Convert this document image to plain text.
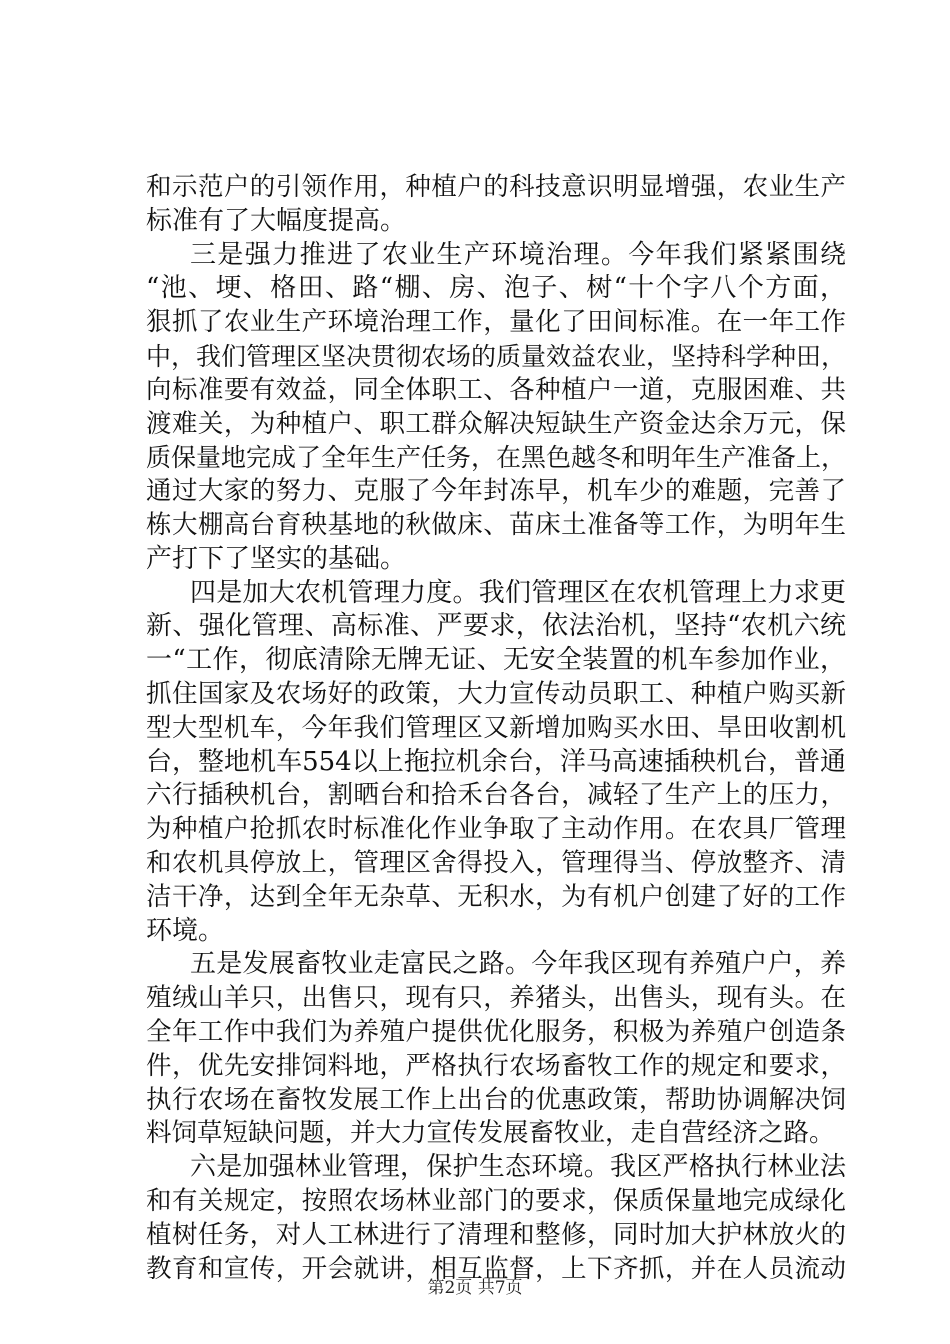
和示范户的引领作用，种植户的科技意识明显增强，农业生产
标准有了大幅度提高。
三是强力推进了农业生产环境治理。今年我们紧紧围绕
“池、埂、格田、路“棚、房、泡子、树“十个字八个方面，
狠抓了农业生产环境治理工作，量化了田间标准。在一年工作
中，我们管理区坚决贯彻农场的质量效益农业，坚持科学种田，
向标准要有效益，同全体职工、各种植户一道，克服困难、共
渡难关，为种植户、职工群众解决短缺生产资金达余万元，保
质保量地完成了全年生产任务，在黑色越冬和明年生产准备上，
通过大家的努力、克服了今年封冻早，机车少的难题，完善了
栋大棚高台育秧基地的秋做床、苗床土准备等工作，为明年生
产打下了坚实的基础。
四是加大农机管理力度。我们管理区在农机管理上力求更
新、强化管理、高标准、严要求，依法治机，坚持“农机六统
一“工作，彻底清除无牌无证、无安全装置的机车参加作业，
抓住国家及农场好的政策，大力宣传动员职工、种植户购买新
型大型机车，今年我们管理区又新增加购买水田、旱田收割机
台，整地机车554以上拖拉机余台，洋马高速插秧机台，普通
六行插秧机台，割晒台和拾禾台各台，减轻了生产上的压力，
为种植户抢抓农时标准化作业争取了主动作用。在农具厂管理
和农机具停放上，管理区舍得投入，管理得当、停放整齐、清
洁干净，达到全年无杂草、无积水，为有机户创建了好的工作
环境。
五是发展畜牧业走富民之路。今年我区现有养殖户户，养
殖绒山羊只，出售只，现有只，养猪头，出售头，现有头。在
全年工作中我们为养殖户提供优化服务，积极为养殖户创造条
件，优先安排饲料地，严格执行农场畜牧工作的规定和要求，
执行农场在畜牧发展工作上出台的优惠政策，帮助协调解决饲
料饲草短缺问题，并大力宣传发展畜牧业，走自营经济之路。
六是加强林业管理，保护生态环境。我区严格执行林业法
和有关规定，按照农场林业部门的要求，保质保量地完成绿化
植树任务，对人工林进行了清理和整修，同时加大护林放火的
教育和宣传，开会就讲，相互监督，上下齐抓，并在人员流动
第2页 共7页
